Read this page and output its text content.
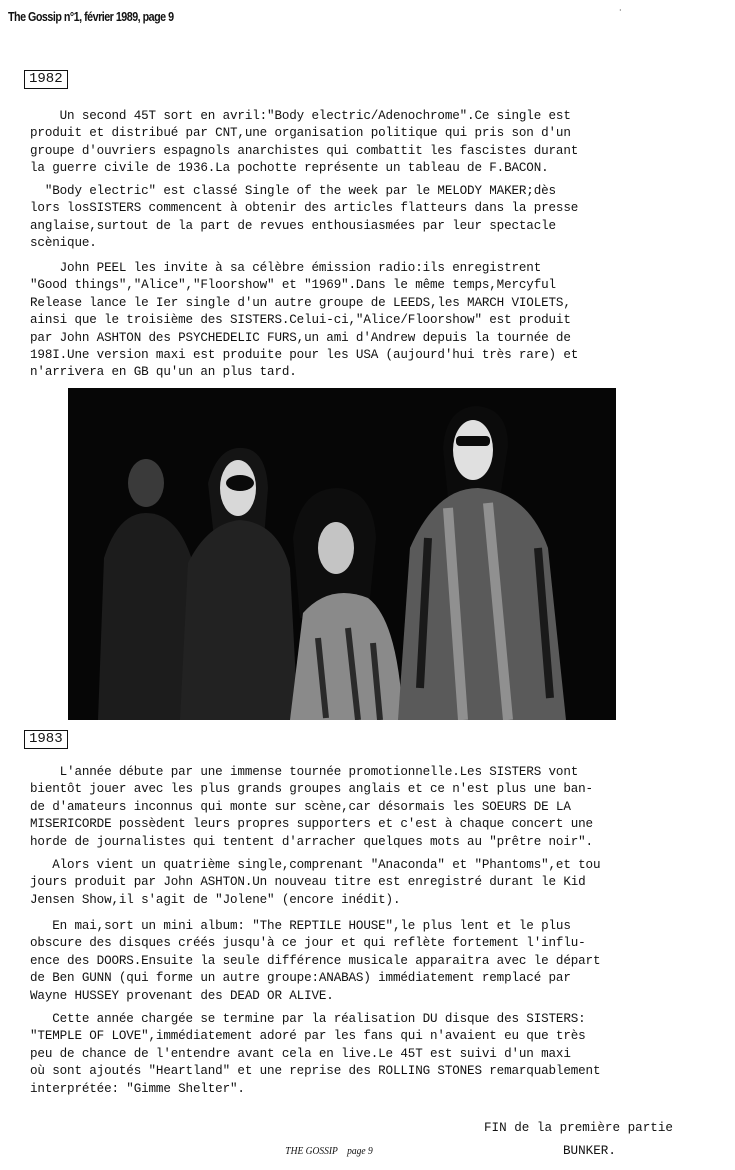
The Gossip n°1, février 1989, page 9	·
1982

Un second 45T sort en avril:"Body electric/Adenochrome".Ce single est
produit et distribué par CNT,une organisation politique qui pris son d'un
groupe d'ouvriers espagnols anarchistes qui combattit les fascistes durant
la guerre civile de 1936.La pochotte représente un tableau de F.BACON.

"Body electric" est classé Single of the week par le MELODY MAKER;dès
lors losSISTERS commencent à obtenir des articles flatteurs dans la presse
anglaise,surtout de la part de revues enthousiasmées par leur spectacle
scènique.

John PEEL les invite à sa célèbre émission radio:ils enregistrent
"Good things","Alice","Floorshow" et "1969".Dans le même temps,Mercyful
Release lance le Ier single d'un autre groupe de LEEDS,les MARCH VIOLETS,
ainsi que le troisième des SISTERS.Celui-ci,"Alice/Floorshow" est produit
par John ASHTON des PSYCHEDELIC FURS,un ami d'Andrew depuis la tournée de
198I.Une version maxi est produite pour les USA (aujourd'hui très rare) et
n'arrivera en GB qu'un an plus tard.

1983

L'année débute par une immense tournée promotionnelle.Les SISTERS vont
bientôt jouer avec les plus grands groupes anglais et ce n'est plus une ban-
de d'amateurs inconnus qui monte sur scène,car désormais les SOEURS DE LA
MISERICORDE possèdent leurs propres supporters et c'est à chaque concert une
horde de journalistes qui tentent d'arracher quelques mots au "prêtre noir".

Alors vient un quatrième single,comprenant "Anaconda" et "Phantoms",et tou
jours produit par John ASHTON.Un nouveau titre est enregistré durant le Kid
Jensen Show,il s'agit de "Jolene" (encore inédit).

En mai,sort un mini album: "The REPTILE HOUSE",le plus lent et le plus
obscure des disques créés jusqu'à ce jour et qui reflète fortement l'influ-
ence des DOORS.Ensuite la seule différence musicale apparaitra avec le départ
de Ben GUNN (qui forme un autre groupe:ANABAS) immédiatement remplacé par
Wayne HUSSEY provenant des DEAD OR ALIVE.

Cette année chargée se termine par la réalisation DU disque des SISTERS:
"TEMPLE OF LOVE",immédiatement adoré par les fans qui n'avaient eu que très
peu de chance de l'entendre avant cela en live.Le 45T est suivi d'un maxi
où sont ajoutés "Heartland" et une reprise des ROLLING STONES remarquablement
interprétée: "Gimme Shelter".

FIN de la première partie
BUNKER.
THE GOSSIP    page 9
